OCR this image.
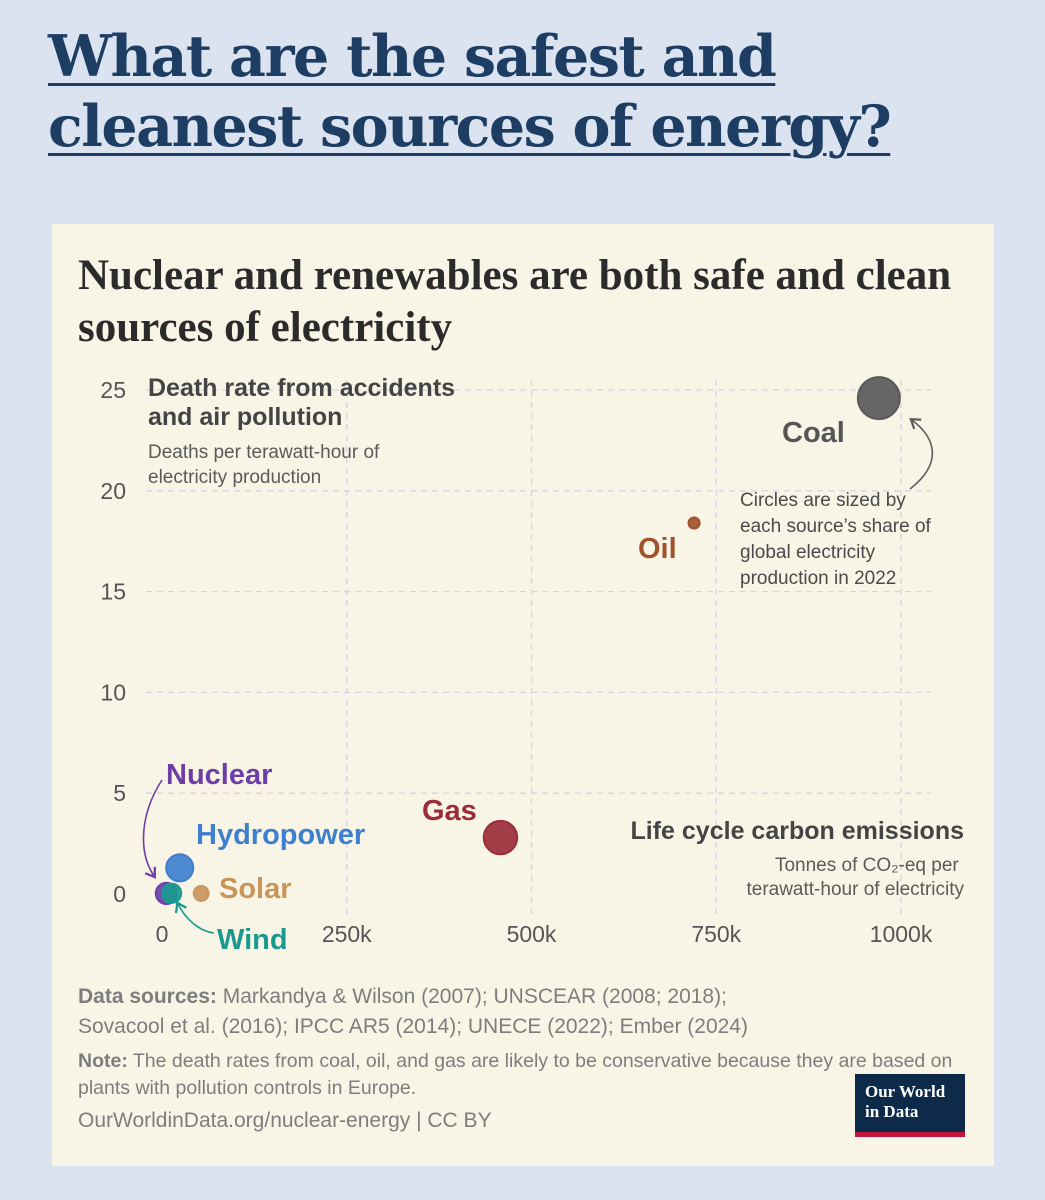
What are the safest and cleanest sources of energy?
Nuclear and renewables are both safe and clean sources of electricity
0
5
10
15
20
25
0	250k	500k	750k	1000k
Death rate from accidents and air pollution
Deaths per terawatt-hour of electricity production
Life cycle carbon emissions
Tonnes of CO₂-eq per terawatt-hour of electricity
Circles are sized by each source’s share of global electricity production in 2022
Coal
Oil
Gas
Hydropower
Solar
Wind
Nuclear

Data sources: Markandya & Wilson (2007); UNSCEAR (2008; 2018);
Sovacool et al. (2016); IPCC AR5 (2014); UNECE (2022); Ember (2024)

Note: The death rates from coal, oil, and gas are likely to be conservative because they are based on plants with pollution controls in Europe.

OurWorldinData.org/nuclear-energy | CC BY

Our World
in Data
